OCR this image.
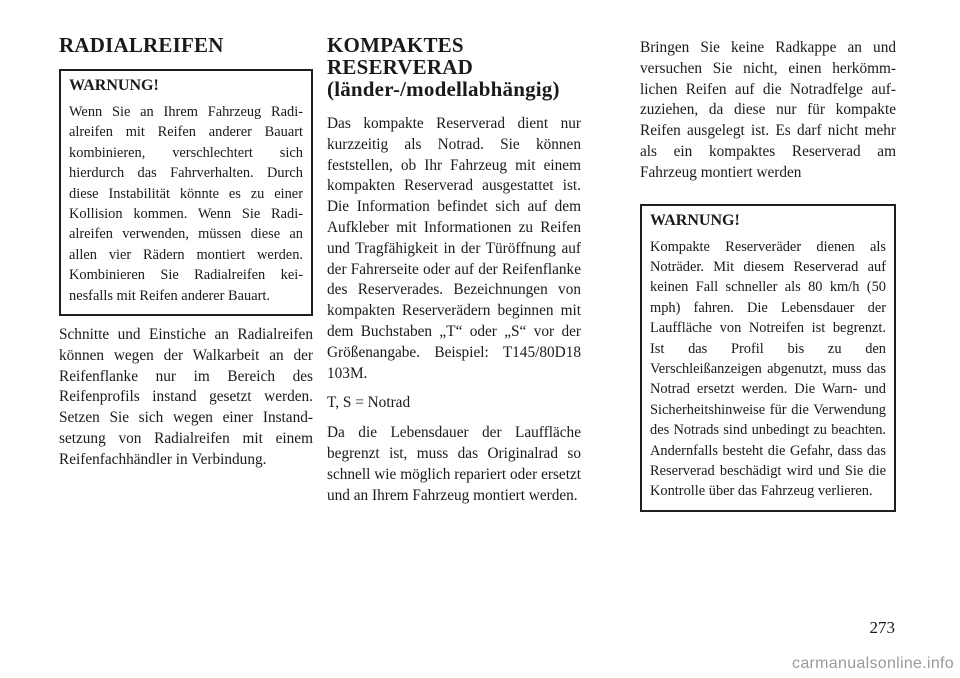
RADIALREIFEN
WARNUNG!

Wenn Sie an Ihrem Fahrzeug Radialreifen mit Reifen anderer Bauart kombinieren, verschlechtert sich hierdurch das Fahrverhalten. Durch diese Instabilität könnte es zu einer Kollision kommen. Wenn Sie Radialreifen verwenden, müssen diese an allen vier Rädern montiert werden. Kombinieren Sie Radialreifen keinesfalls mit Reifen anderer Bauart.

Schnitte und Einstiche an Radialreifen können wegen der Walkarbeit an der Reifenflanke nur im Bereich des Reifenprofils instand gesetzt werden. Setzen Sie sich wegen einer Instandsetzung von Radialreifen mit einem Reifenfachhändler in Verbindung.

KOMPAKTES
RESERVERAD
(länder-/modellabhängig)

Das kompakte Reserverad dient nur kurzzeitig als Notrad. Sie können feststellen, ob Ihr Fahrzeug mit einem kompakten Reserverad ausgestattet ist. Die Information befindet sich auf dem Aufkleber mit Informationen zu Reifen und Tragfähigkeit in der Türöffnung auf der Fahrerseite oder auf der Reifenflanke des Reserverades. Bezeichnungen von kompakten Reserverädern beginnen mit dem Buchstaben „T“ oder „S“ vor der Größenangabe. Beispiel: T145/80D18 103M.

T, S = Notrad

Da die Lebensdauer der Lauffläche begrenzt ist, muss das Originalrad so schnell wie möglich repariert oder ersetzt und an Ihrem Fahrzeug montiert werden.

Bringen Sie keine Radkappe an und versuchen Sie nicht, einen herkömmlichen Reifen auf die Notradfelge aufzuziehen, da diese nur für kompakte Reifen ausgelegt ist. Es darf nicht mehr als ein kompaktes Reserverad am Fahrzeug montiert werden

WARNUNG!

Kompakte Reserveräder dienen als Noträder. Mit diesem Reserverad auf keinen Fall schneller als 80 km/h (50 mph) fahren. Die Lebensdauer der Lauffläche von Notreifen ist begrenzt. Ist das Profil bis zu den Verschleißanzeigen abgenutzt, muss das Notrad ersetzt werden. Die Warn- und Sicherheitshinweise für die Verwendung des Notrads sind unbedingt zu beachten. Andernfalls besteht die Gefahr, dass das Reserverad beschädigt wird und Sie die Kontrolle über das Fahrzeug verlieren.

273
carmanualsonline.info
